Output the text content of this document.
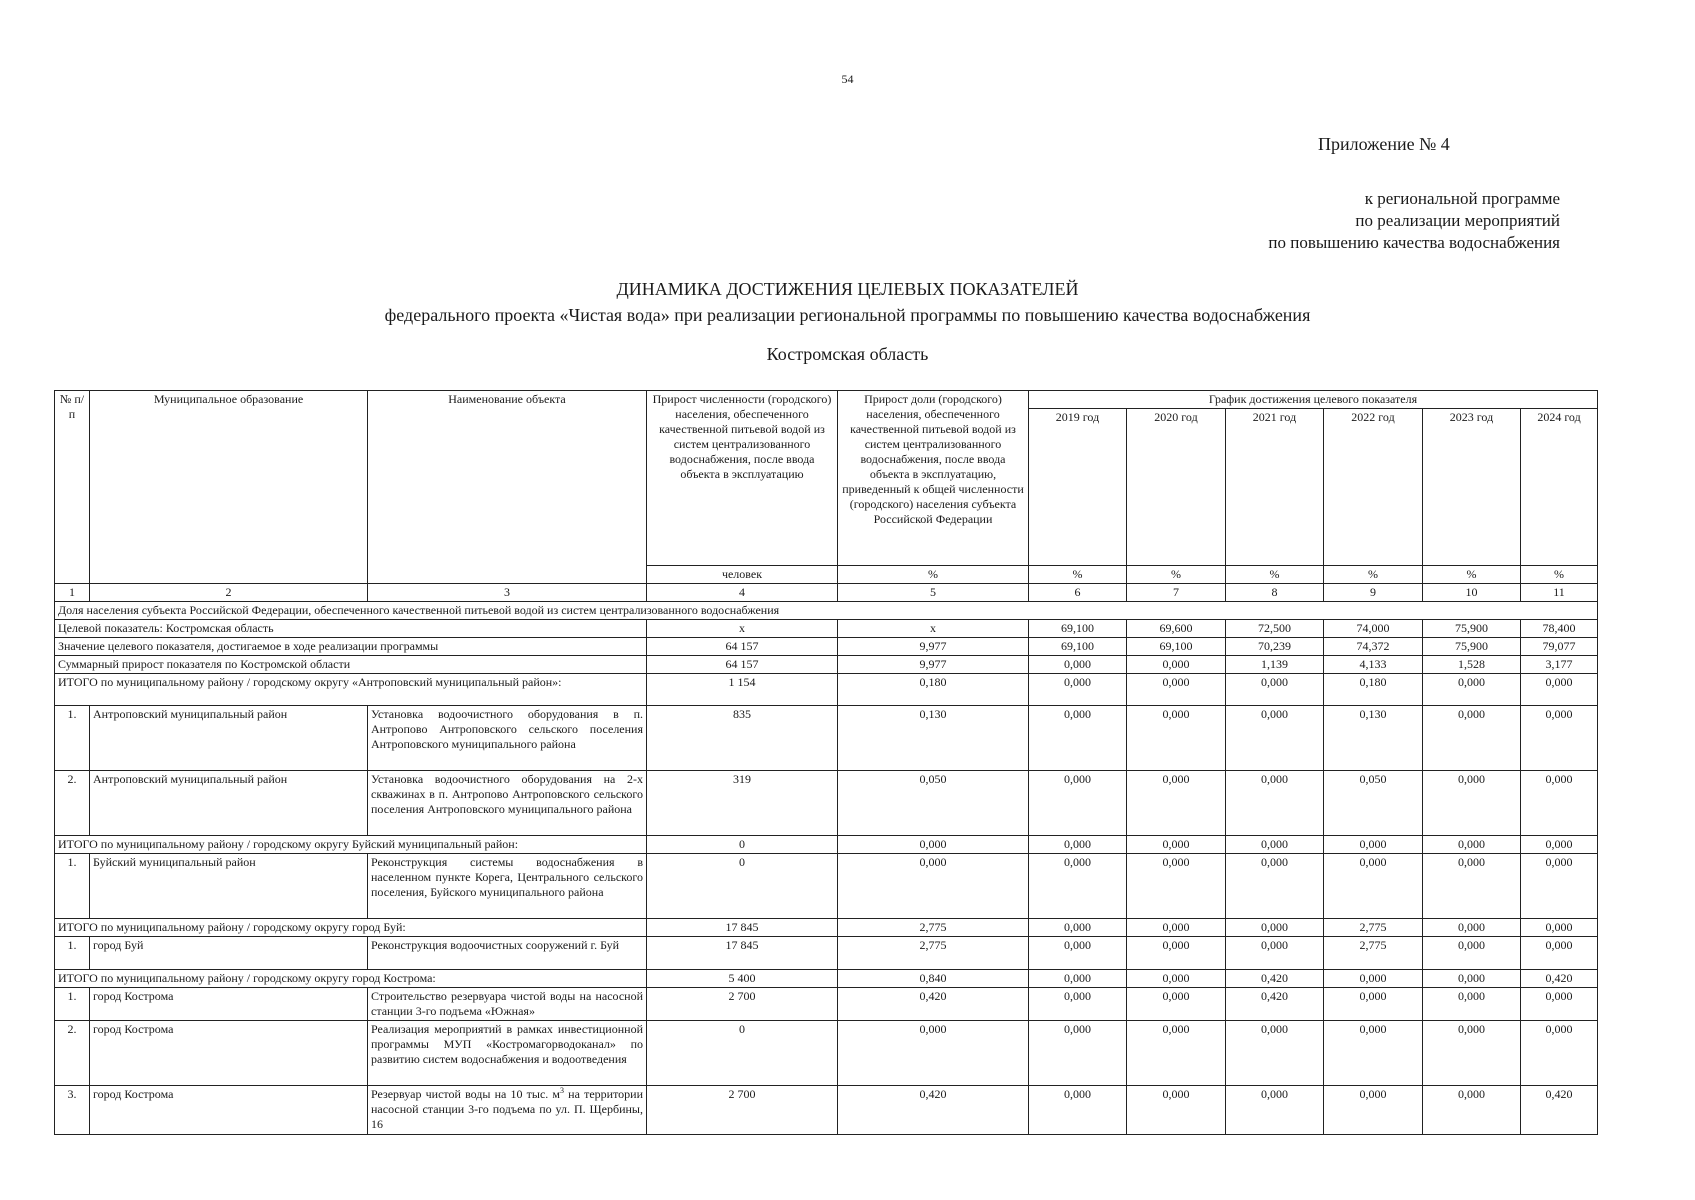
54
Приложение № 4
к региональной программе
по реализации мероприятий
по повышению качества водоснабжения
ДИНАМИКА ДОСТИЖЕНИЯ ЦЕЛЕВЫХ ПОКАЗАТЕЛЕЙ
федерального проекта «Чистая вода» при реализации региональной программы по повышению качества водоснабжения
Костромская область
№ п/п	Муниципальное образование	Наименование объекта	Прирост численности (городского) населения, обеспеченного качественной питьевой водой из систем централизованного водоснабжения, после ввода объекта в эксплуатацию	Прирост доли (городского) населения, обеспеченного качественной питьевой водой из систем централизованного водоснабжения, после ввода объекта в эксплуатацию, приведенный к общей численности (городского) населения субъекта Российской Федерации	График достижения целевого показателя					
					2019 год	2020 год	2021 год	2022 год	2023 год	2024 год
			человек	%	%	%	%	%	%	%
1	2	3	4	5	6	7	8	9	10	11
Доля населения субъекта Российской Федерации, обеспеченного качественной питьевой водой из систем централизованного водоснабжения										
Целевой показатель: Костромская область			x	x	69,100	69,600	72,500	74,000	75,900	78,400
Значение целевого показателя, достигаемое в ходе реализации программы			64 157	9,977	69,100	69,100	70,239	74,372	75,900	79,077
Суммарный прирост показателя по Костромской области			64 157	9,977	0,000	0,000	1,139	4,133	1,528	3,177
ИТОГО по муниципальному району / городскому округу «Антроповский муниципальный район»:			1 154	0,180	0,000	0,000	0,000	0,180	0,000	0,000
1.	Антроповский муниципальный район	Установка водоочистного оборудования в п. Антропово Антроповского сельского поселения Антроповского муниципального района	835	0,130	0,000	0,000	0,000	0,130	0,000	0,000
2.	Антроповский муниципальный район	Установка водоочистного оборудования на 2-х скважинах в п. Антропово Антроповского сельского поселения Антроповского муниципального района	319	0,050	0,000	0,000	0,000	0,050	0,000	0,000
ИТОГО по муниципальному району / городскому округу Буйский муниципальный район:			0	0,000	0,000	0,000	0,000	0,000	0,000	0,000
1.	Буйский муниципальный район	Реконструкция системы водоснабжения в населенном пункте Корега, Центрального сельского поселения, Буйского муниципального района	0	0,000	0,000	0,000	0,000	0,000	0,000	0,000
ИТОГО по муниципальному району / городскому округу город Буй:			17 845	2,775	0,000	0,000	0,000	2,775	0,000	0,000
1.	город Буй	Реконструкция водоочистных сооружений г. Буй	17 845	2,775	0,000	0,000	0,000	2,775	0,000	0,000
ИТОГО по муниципальному району / городскому округу город Кострома:			5 400	0,840	0,000	0,000	0,420	0,000	0,000	0,420
1.	город Кострома	Строительство резервуара чистой воды на насосной станции 3-го подъема «Южная»	2 700	0,420	0,000	0,000	0,420	0,000	0,000	0,000
2.	город Кострома	Реализация мероприятий в рамках инвестиционной программы МУП «Костромагорводоканал» по развитию систем водоснабжения и водоотведения	0	0,000	0,000	0,000	0,000	0,000	0,000	0,000
3.	город Кострома	Резервуар чистой воды на 10 тыс. $м^3$ на территории насосной станции 3-го подъема по ул. П. Щербины, 16	2 700	0,420	0,000	0,000	0,000	0,000	0,000	0,420
